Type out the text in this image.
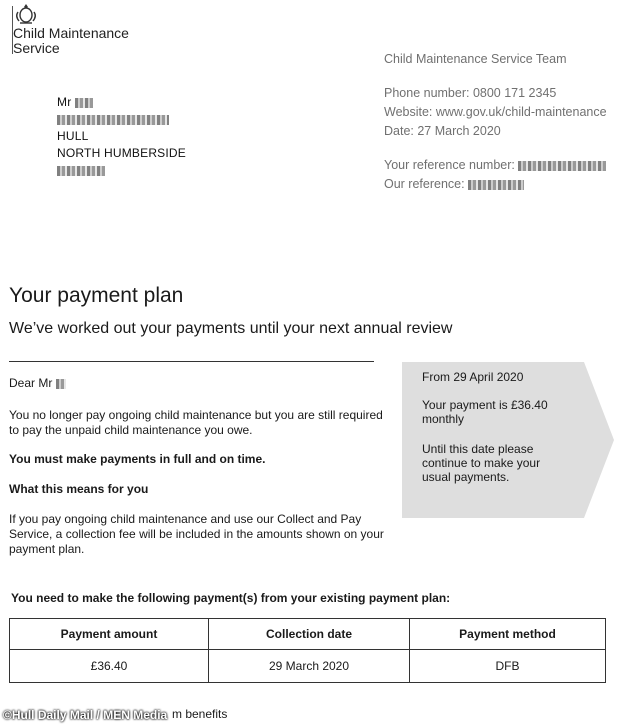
Child Maintenance
Service
Mr
HULL
NORTH HUMBERSIDE
Child Maintenance Service Team
Phone number: 0800 171 2345
Website: www.gov.uk/child-maintenance
Date: 27 March 2020
Your reference number:
Our reference:
Your payment plan
We’ve worked out your payments until your next annual review

Dear Mr

You no longer pay ongoing child maintenance but you are still required to pay the unpaid child maintenance you owe.

You must make payments in full and on time.

What this means for you

If you pay ongoing child maintenance and use our Collect and Pay Service, a collection fee will be included in the amounts shown on your payment plan.

From 29 April 2020
Your payment is £36.40 monthly
Until this date please continue to make your usual payments.
You need to make the following payment(s) from your existing payment plan:
Payment amount	Collection date	Payment method
£36.40	29 March 2020	DFB
m benefits
©Hull Daily Mail / MEN Media
